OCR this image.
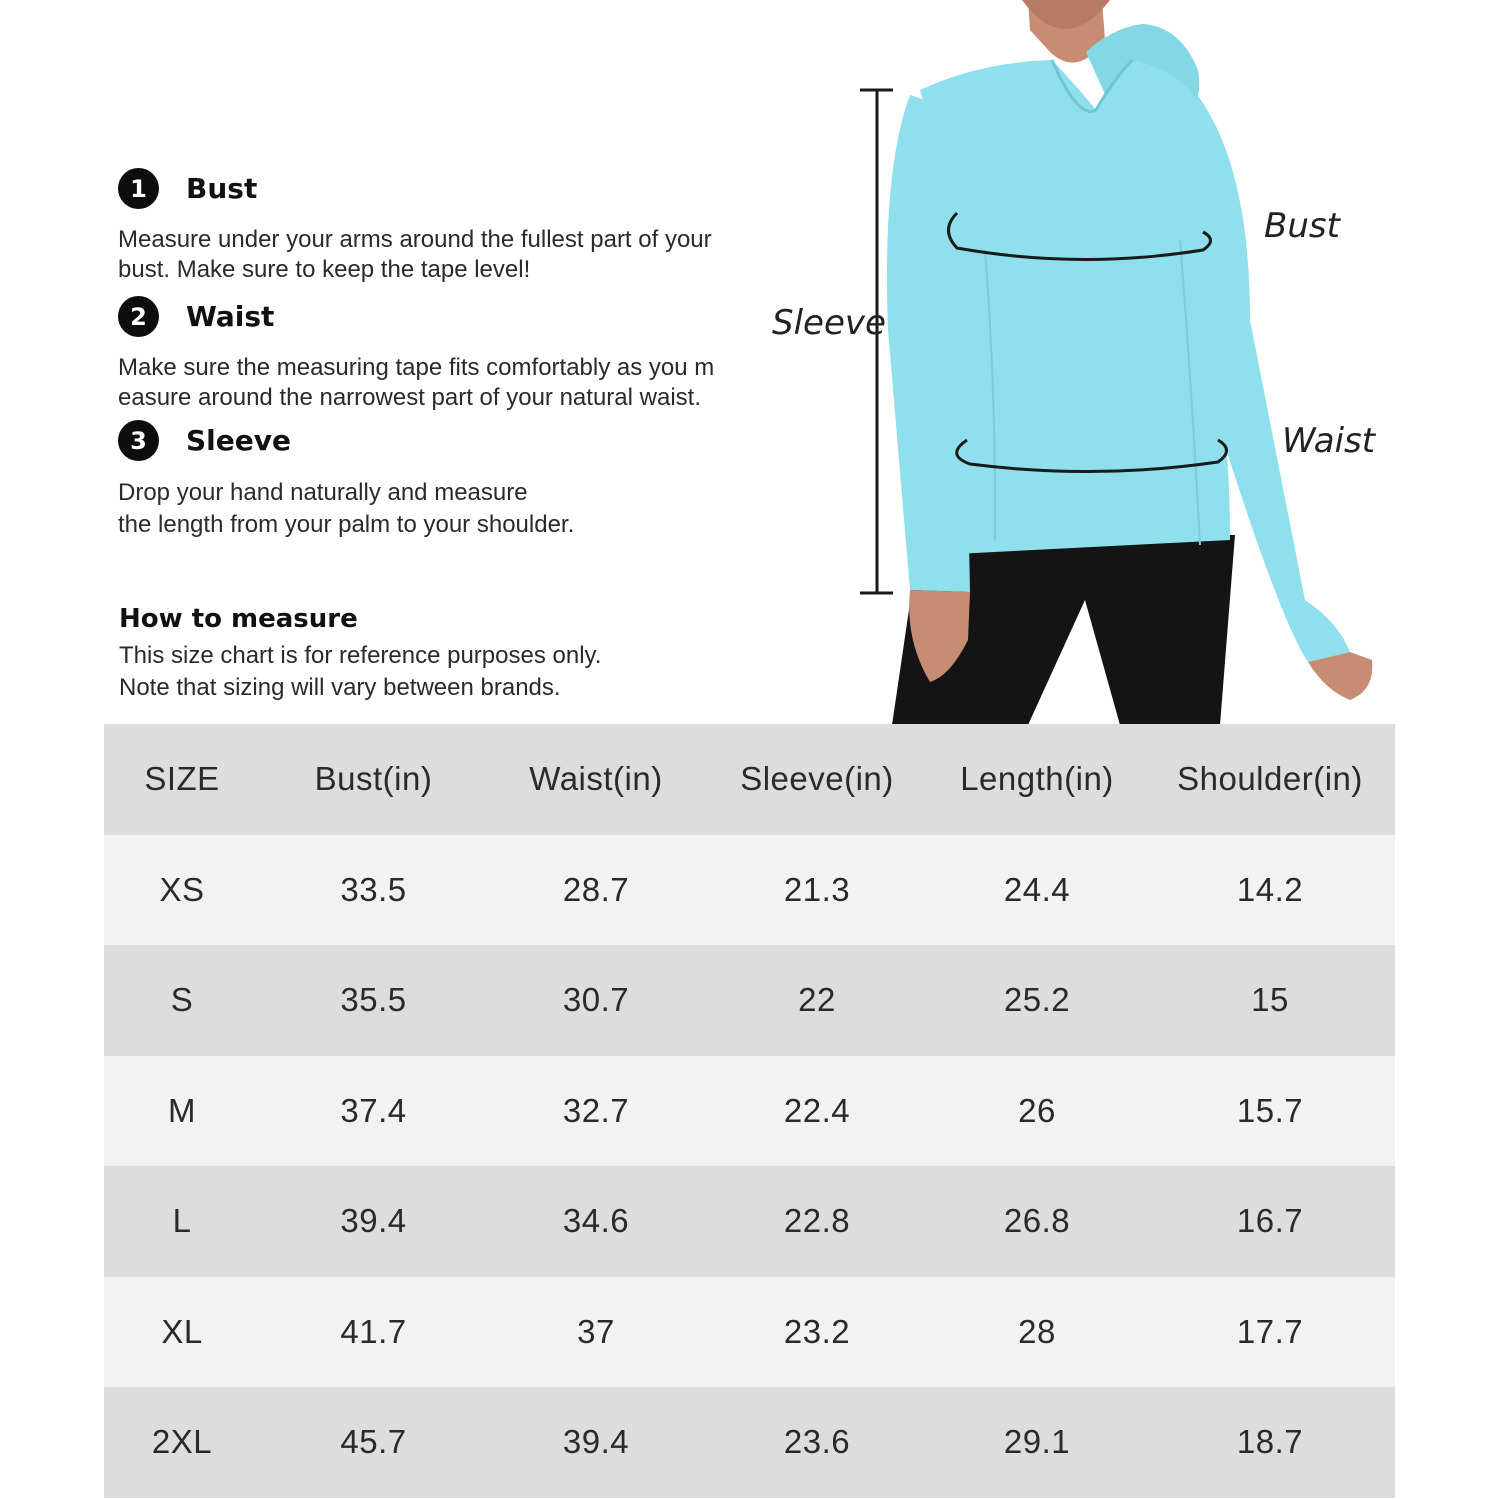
1	Bust
Measure under your arms around the fullest part of your
bust. Make sure to keep the tape level!
2	Waist
Make sure the measuring tape fits comfortably as you m
easure around the narrowest part of your natural waist.
3	Sleeve
Drop your hand naturally and measure
the length from your palm to your shoulder.
How to measure
This size chart is for reference purposes only.
Note that sizing will vary between brands.
Sleeve
Bust
Waist
SIZE	Bust(in)	Waist(in)	Sleeve(in)	Length(in)	Shoulder(in)
XS	33.5	28.7	21.3	24.4	14.2
S	35.5	30.7	22	25.2	15
M	37.4	32.7	22.4	26	15.7
L	39.4	34.6	22.8	26.8	16.7
XL	41.7	37	23.2	28	17.7
2XL	45.7	39.4	23.6	29.1	18.7
